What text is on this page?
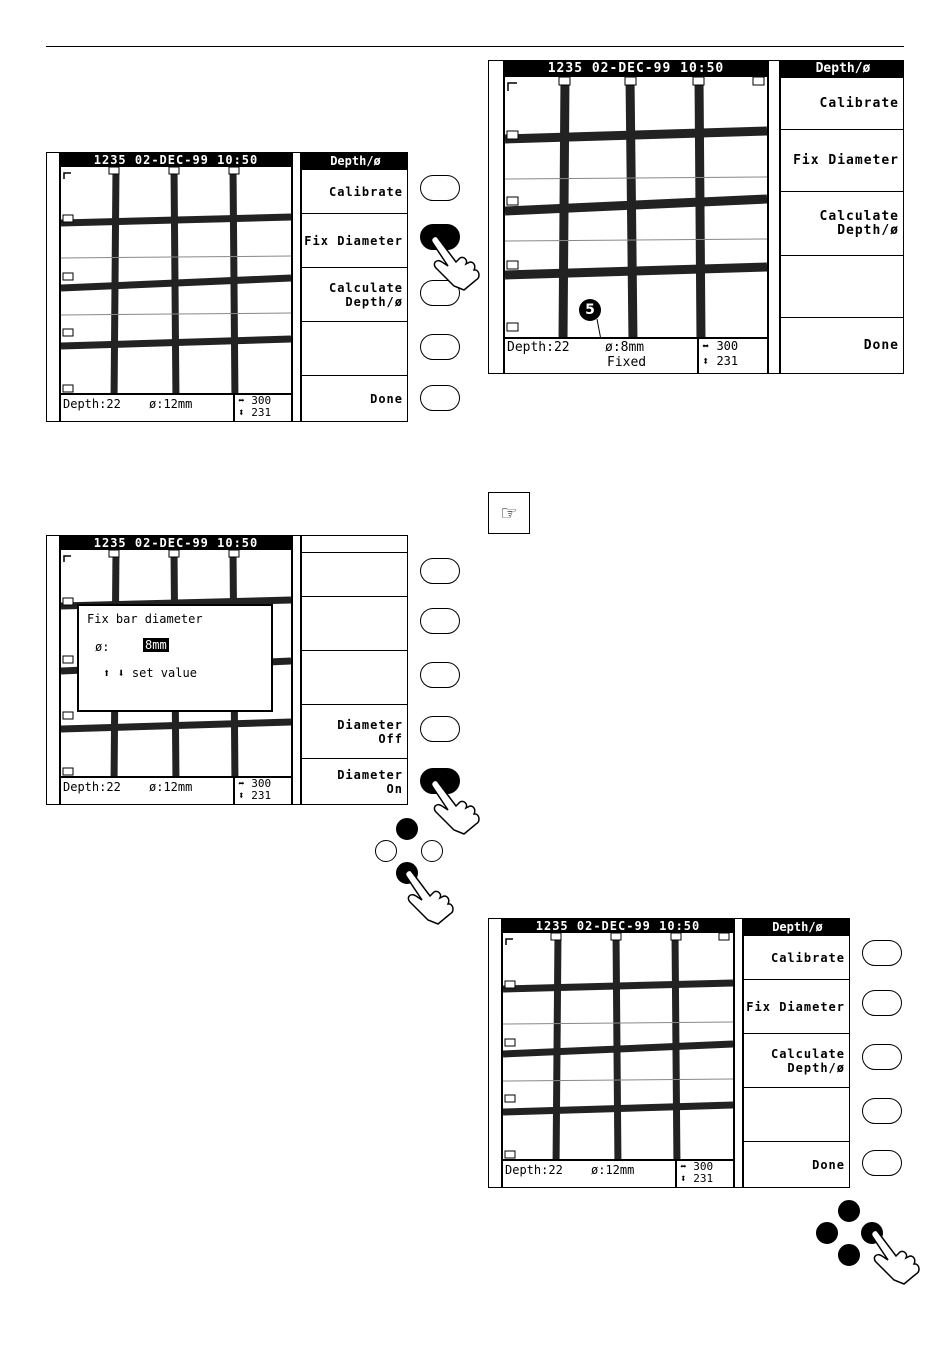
1235 02-DEC-99 10:50
Depth:22 ø:12mm	⬌ 300
⬍ 231
Depth/ø
Calibrate
Fix Diameter
Calculate
Depth/ø
Done
1235 02-DEC-99 10:50
5
Depth:22	ø:8mm
Fixed
⬌ 300
⬍ 231
Depth/ø
Calibrate
Fix Diameter
Calculate
Depth/ø
Done
☞
1235 02-DEC-99 10:50
Fix bar diameter
ø:	8mm
⬆ ⬇ set value
Depth:22 ø:12mm	⬌ 300
⬍ 231
Diameter
Off
Diameter
On
1235 02-DEC-99 10:50
Depth:22 ø:12mm	⬌ 300
⬍ 231
Depth/ø
Calibrate
Fix Diameter
Calculate
Depth/ø
Done
